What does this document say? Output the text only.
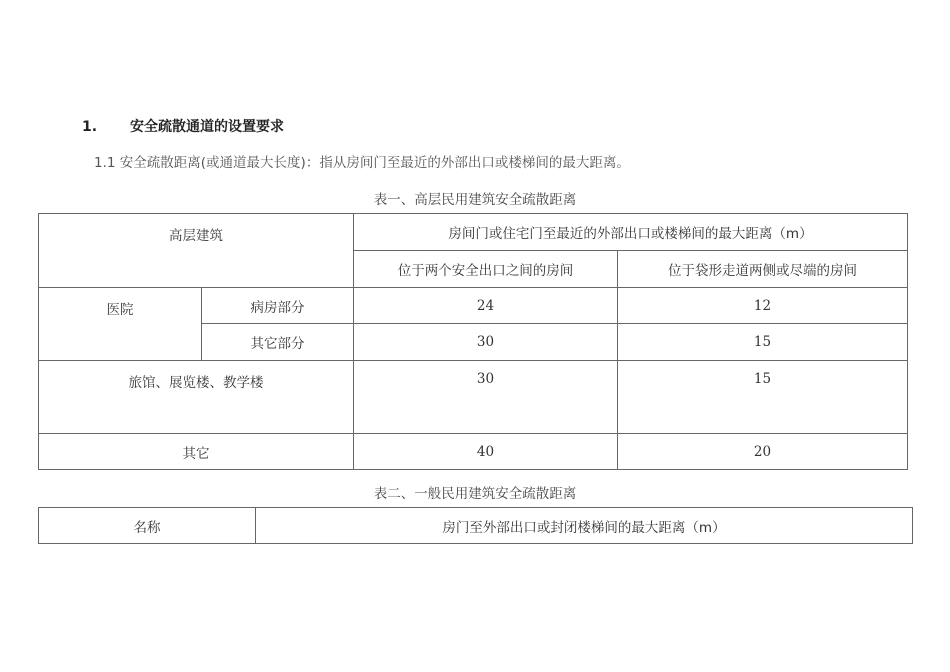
1. 安全疏散通道的设置要求
1.1 安全疏散距离(或通道最大长度)：指从房间门至最近的外部出口或楼梯间的最大距离。
表一、高层民用建筑安全疏散距离
高层建筑		房间门或住宅门至最近的外部出口或楼梯间的最大距离（m）	
		位于两个安全出口之间的房间	位于袋形走道两侧或尽端的房间
医院	病房部分	24	12
	其它部分	30	15
旅馆、展览楼、教学楼		30	15
其它		40	20
表二、一般民用建筑安全疏散距离
名称	房门至外部出口或封闭楼梯间的最大距离（m）
